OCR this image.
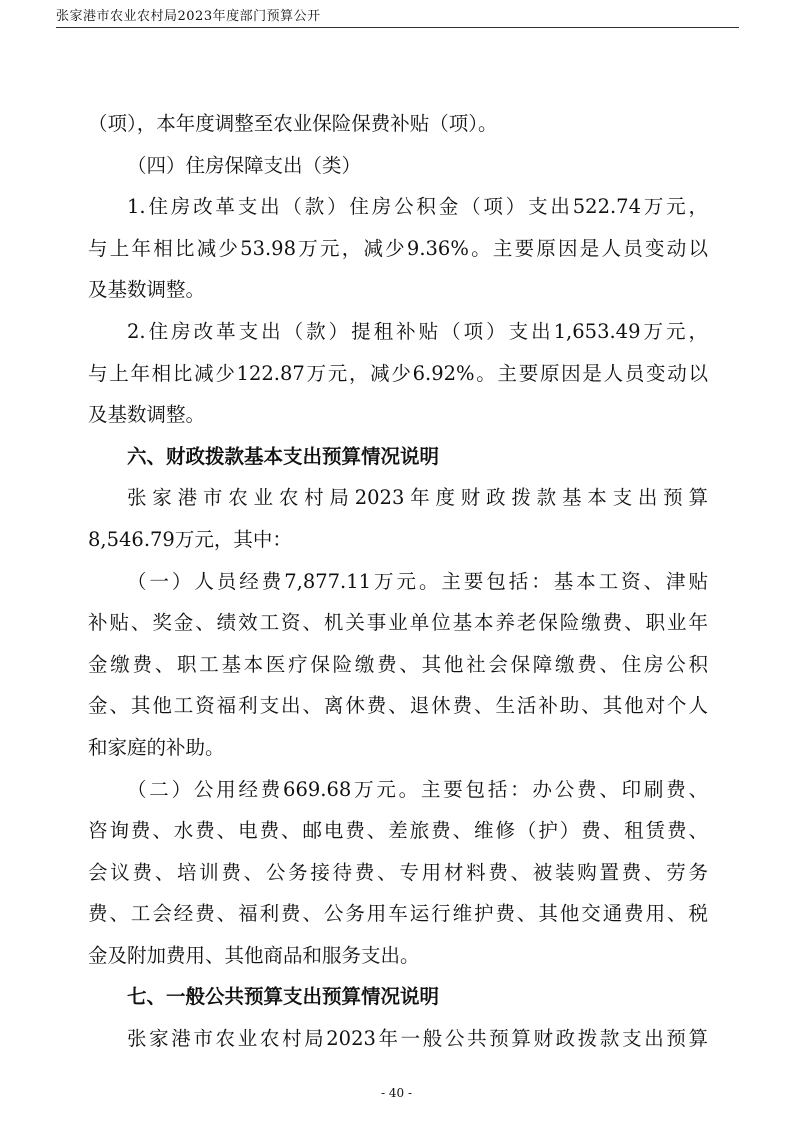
张家港市农业农村局2023年度部门预算公开
（项），本年度调整至农业保险保费补贴（项）。
（四）住房保障支出（类）
1.住房改革支出（款）住房公积金（项）支出522.74万元，
与上年相比减少53.98万元，减少9.36%。主要原因是人员变动以
及基数调整。
2.住房改革支出（款）提租补贴（项）支出1,653.49万元，
与上年相比减少122.87万元，减少6.92%。主要原因是人员变动以
及基数调整。
六、财政拨款基本支出预算情况说明
张家港市农业农村局2023年度财政拨款基本支出预算
8,546.79万元，其中：
（一）人员经费7,877.11万元。主要包括：基本工资、津贴
补贴、奖金、绩效工资、机关事业单位基本养老保险缴费、职业年
金缴费、职工基本医疗保险缴费、其他社会保障缴费、住房公积
金、其他工资福利支出、离休费、退休费、生活补助、其他对个人
和家庭的补助。
（二）公用经费669.68万元。主要包括：办公费、印刷费、
咨询费、水费、电费、邮电费、差旅费、维修（护）费、租赁费、
会议费、培训费、公务接待费、专用材料费、被装购置费、劳务
费、工会经费、福利费、公务用车运行维护费、其他交通费用、税
金及附加费用、其他商品和服务支出。
七、一般公共预算支出预算情况说明
张家港市农业农村局2023年一般公共预算财政拨款支出预算
- 40 -
